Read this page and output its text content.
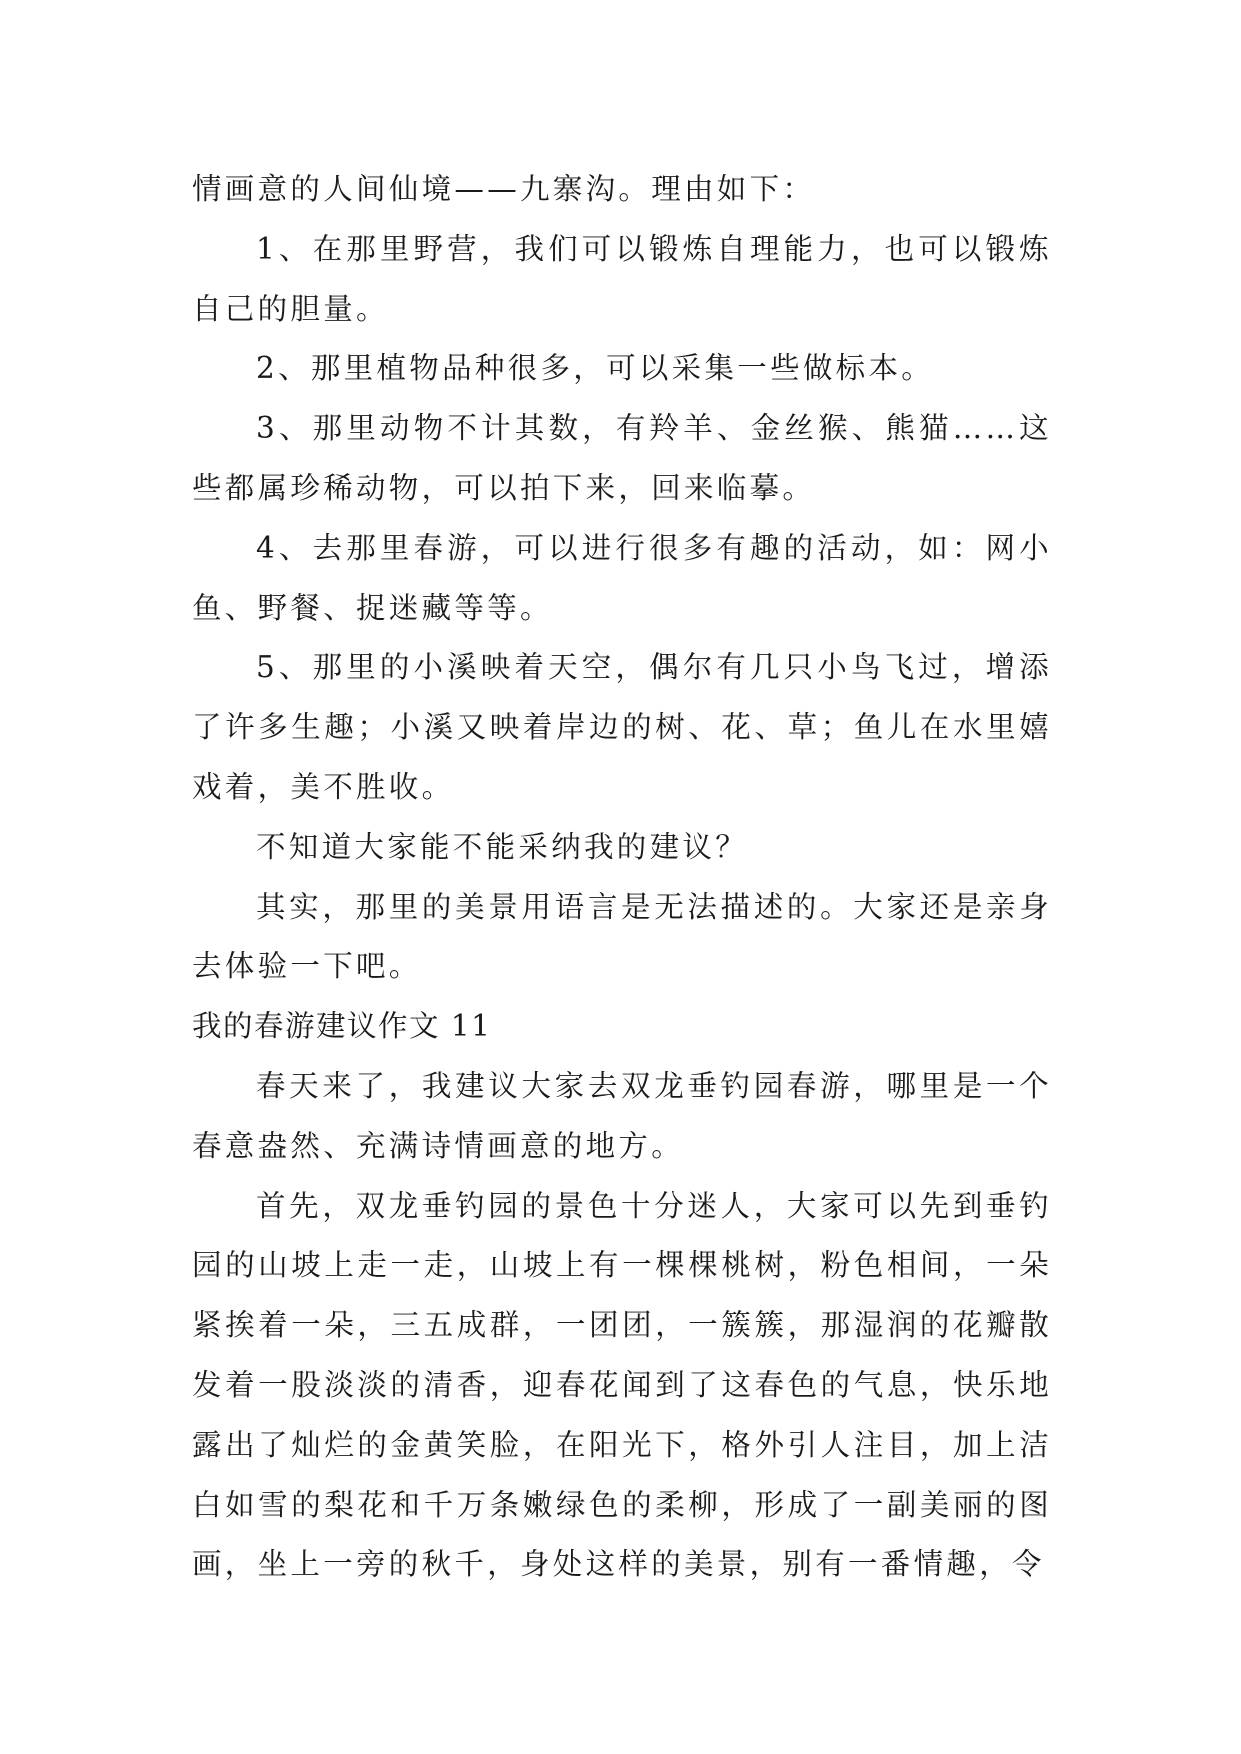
情画意的人间仙境——九寨沟。理由如下：

1、在那里野营，我们可以锻炼自理能力，也可以锻炼自己的胆量。

2、那里植物品种很多，可以采集一些做标本。

3、那里动物不计其数，有羚羊、金丝猴、熊猫……这些都属珍稀动物，可以拍下来，回来临摹。

4、去那里春游，可以进行很多有趣的活动，如：网小鱼、野餐、捉迷藏等等。

5、那里的小溪映着天空，偶尔有几只小鸟飞过，增添了许多生趣；小溪又映着岸边的树、花、草；鱼儿在水里嬉戏着，美不胜收。

不知道大家能不能采纳我的建议？

其实，那里的美景用语言是无法描述的。大家还是亲身去体验一下吧。

我的春游建议作文 11

春天来了，我建议大家去双龙垂钓园春游，哪里是一个春意盎然、充满诗情画意的地方。

首先，双龙垂钓园的景色十分迷人，大家可以先到垂钓园的山坡上走一走，山坡上有一棵棵桃树，粉色相间，一朵紧挨着一朵，三五成群，一团团，一簇簇，那湿润的花瓣散发着一股淡淡的清香，迎春花闻到了这春色的气息，快乐地露出了灿烂的金黄笑脸，在阳光下，格外引人注目，加上洁白如雪的梨花和千万条嫩绿色的柔柳，形成了一副美丽的图画，坐上一旁的秋千，身处这样的美景，别有一番情趣，令
